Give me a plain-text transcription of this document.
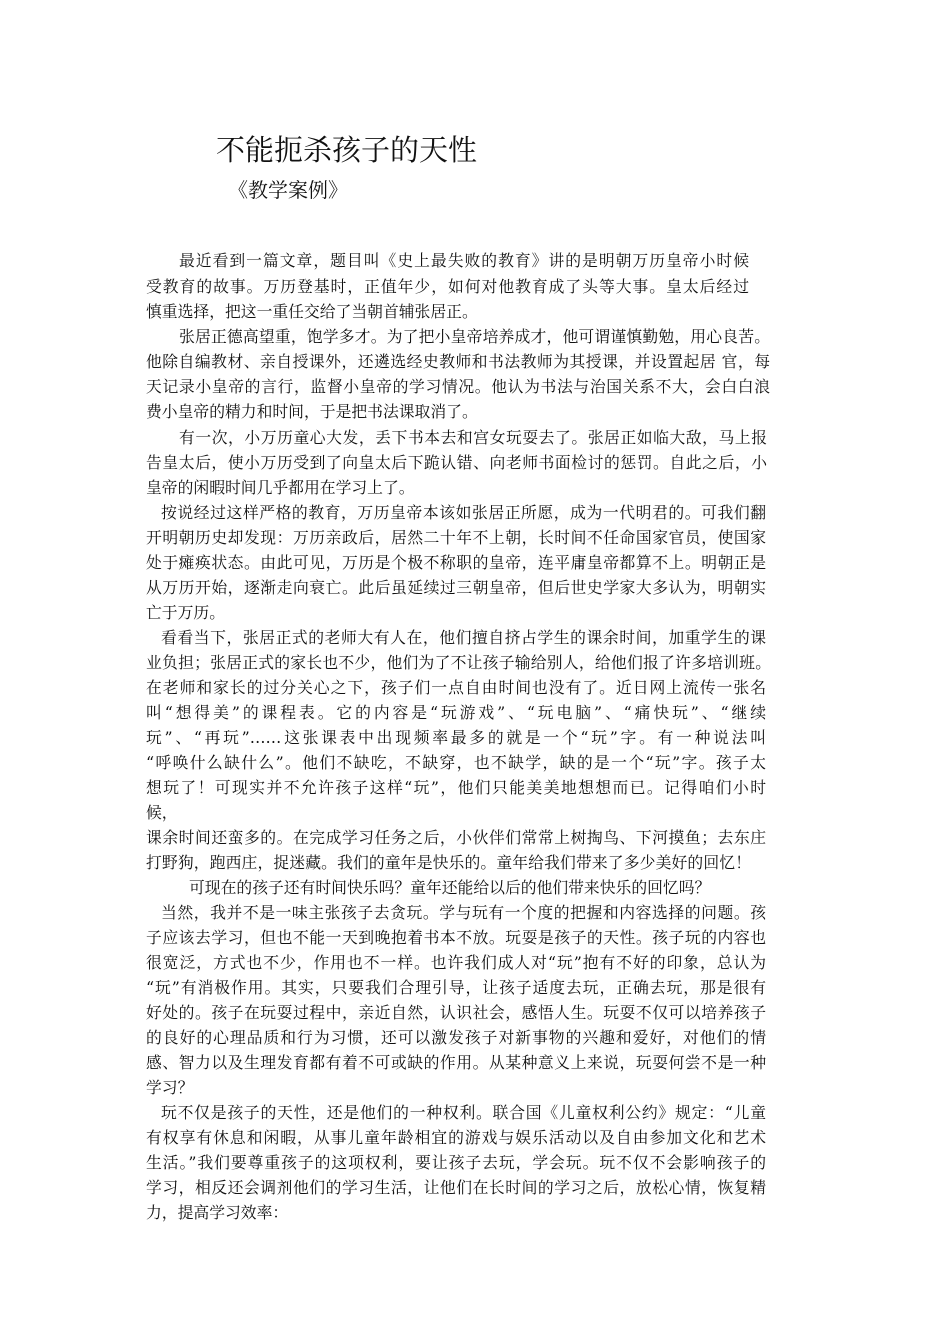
不能扼杀孩子的天性
《教学案例》
最近看到一篇文章，题目叫《史上最失败的教育》讲的是明朝万历皇帝小时候
受教育的故事。万历登基时，正值年少，如何对他教育成了头等大事。皇太后经过
慎重选择，把这一重任交给了当朝首辅张居正。
张居正德高望重，饱学多才。为了把小皇帝培养成才，他可谓谨慎勤勉，用心良苦。
他除自编教材、亲自授课外，还遴选经史教师和书法教师为其授课，并设置起居 官，每
天记录小皇帝的言行，监督小皇帝的学习情况。他认为书法与治国关系不大，会白白浪
费小皇帝的精力和时间，于是把书法课取消了。
有一次，小万历童心大发，丢下书本去和宫女玩耍去了。张居正如临大敌，马上报
告皇太后，使小万历受到了向皇太后下跪认错、向老师书面检讨的惩罚。自此之后，小
皇帝的闲暇时间几乎都用在学习上了。
按说经过这样严格的教育，万历皇帝本该如张居正所愿，成为一代明君的。可我们翻
开明朝历史却发现：万历亲政后，居然二十年不上朝，长时间不任命国家官员，使国家
处于瘫痪状态。由此可见，万历是个极不称职的皇帝，连平庸皇帝都算不上。明朝正是
从万历开始，逐渐走向衰亡。此后虽延续过三朝皇帝，但后世史学家大多认为，明朝实
亡于万历。
看看当下，张居正式的老师大有人在，他们擅自挤占学生的课余时间，加重学生的课
业负担；张居正式的家长也不少，他们为了不让孩子输给别人，给他们报了许多培训班。
在老师和家长的过分关心之下，孩子们一点自由时间也没有了。近日网上流传一张名
叫“想得美”的课程表。它的内容是“玩游戏”、“玩电脑”、“痛快玩”、“继续
玩”、“再玩”……这张课表中出现频率最多的就是一个“玩”字。有一种说法叫
“呼唤什么缺什么”。他们不缺吃，不缺穿，也不缺学，缺的是一个“玩”字。孩子太
想玩了！可现实并不允许孩子这样“玩”，他们只能美美地想想而已。记得咱们小时
候，
课余时间还蛮多的。在完成学习任务之后，小伙伴们常常上树掏鸟、下河摸鱼；去东庄
打野狗，跑西庄，捉迷藏。我们的童年是快乐的。童年给我们带来了多少美好的回忆！
可现在的孩子还有时间快乐吗？童年还能给以后的他们带来快乐的回忆吗？
当然，我并不是一味主张孩子去贪玩。学与玩有一个度的把握和内容选择的问题。孩
子应该去学习，但也不能一天到晚抱着书本不放。玩耍是孩子的天性。孩子玩的内容也
很宽泛，方式也不少，作用也不一样。也许我们成人对“玩”抱有不好的印象，总认为
“玩”有消极作用。其实，只要我们合理引导，让孩子适度去玩，正确去玩，那是很有
好处的。孩子在玩耍过程中，亲近自然，认识社会，感悟人生。玩耍不仅可以培养孩子
的良好的心理品质和行为习惯，还可以激发孩子对新事物的兴趣和爱好，对他们的情
感、智力以及生理发育都有着不可或缺的作用。从某种意义上来说，玩耍何尝不是一种
学习？
玩不仅是孩子的天性，还是他们的一种权利。联合国《儿童权利公约》规定：“儿童
有权享有休息和闲暇，从事儿童年龄相宜的游戏与娱乐活动以及自由参加文化和艺术
生活。”我们要尊重孩子的这项权利，要让孩子去玩，学会玩。玩不仅不会影响孩子的
学习，相反还会调剂他们的学习生活，让他们在长时间的学习之后，放松心情，恢复精
力，提高学习效率：
